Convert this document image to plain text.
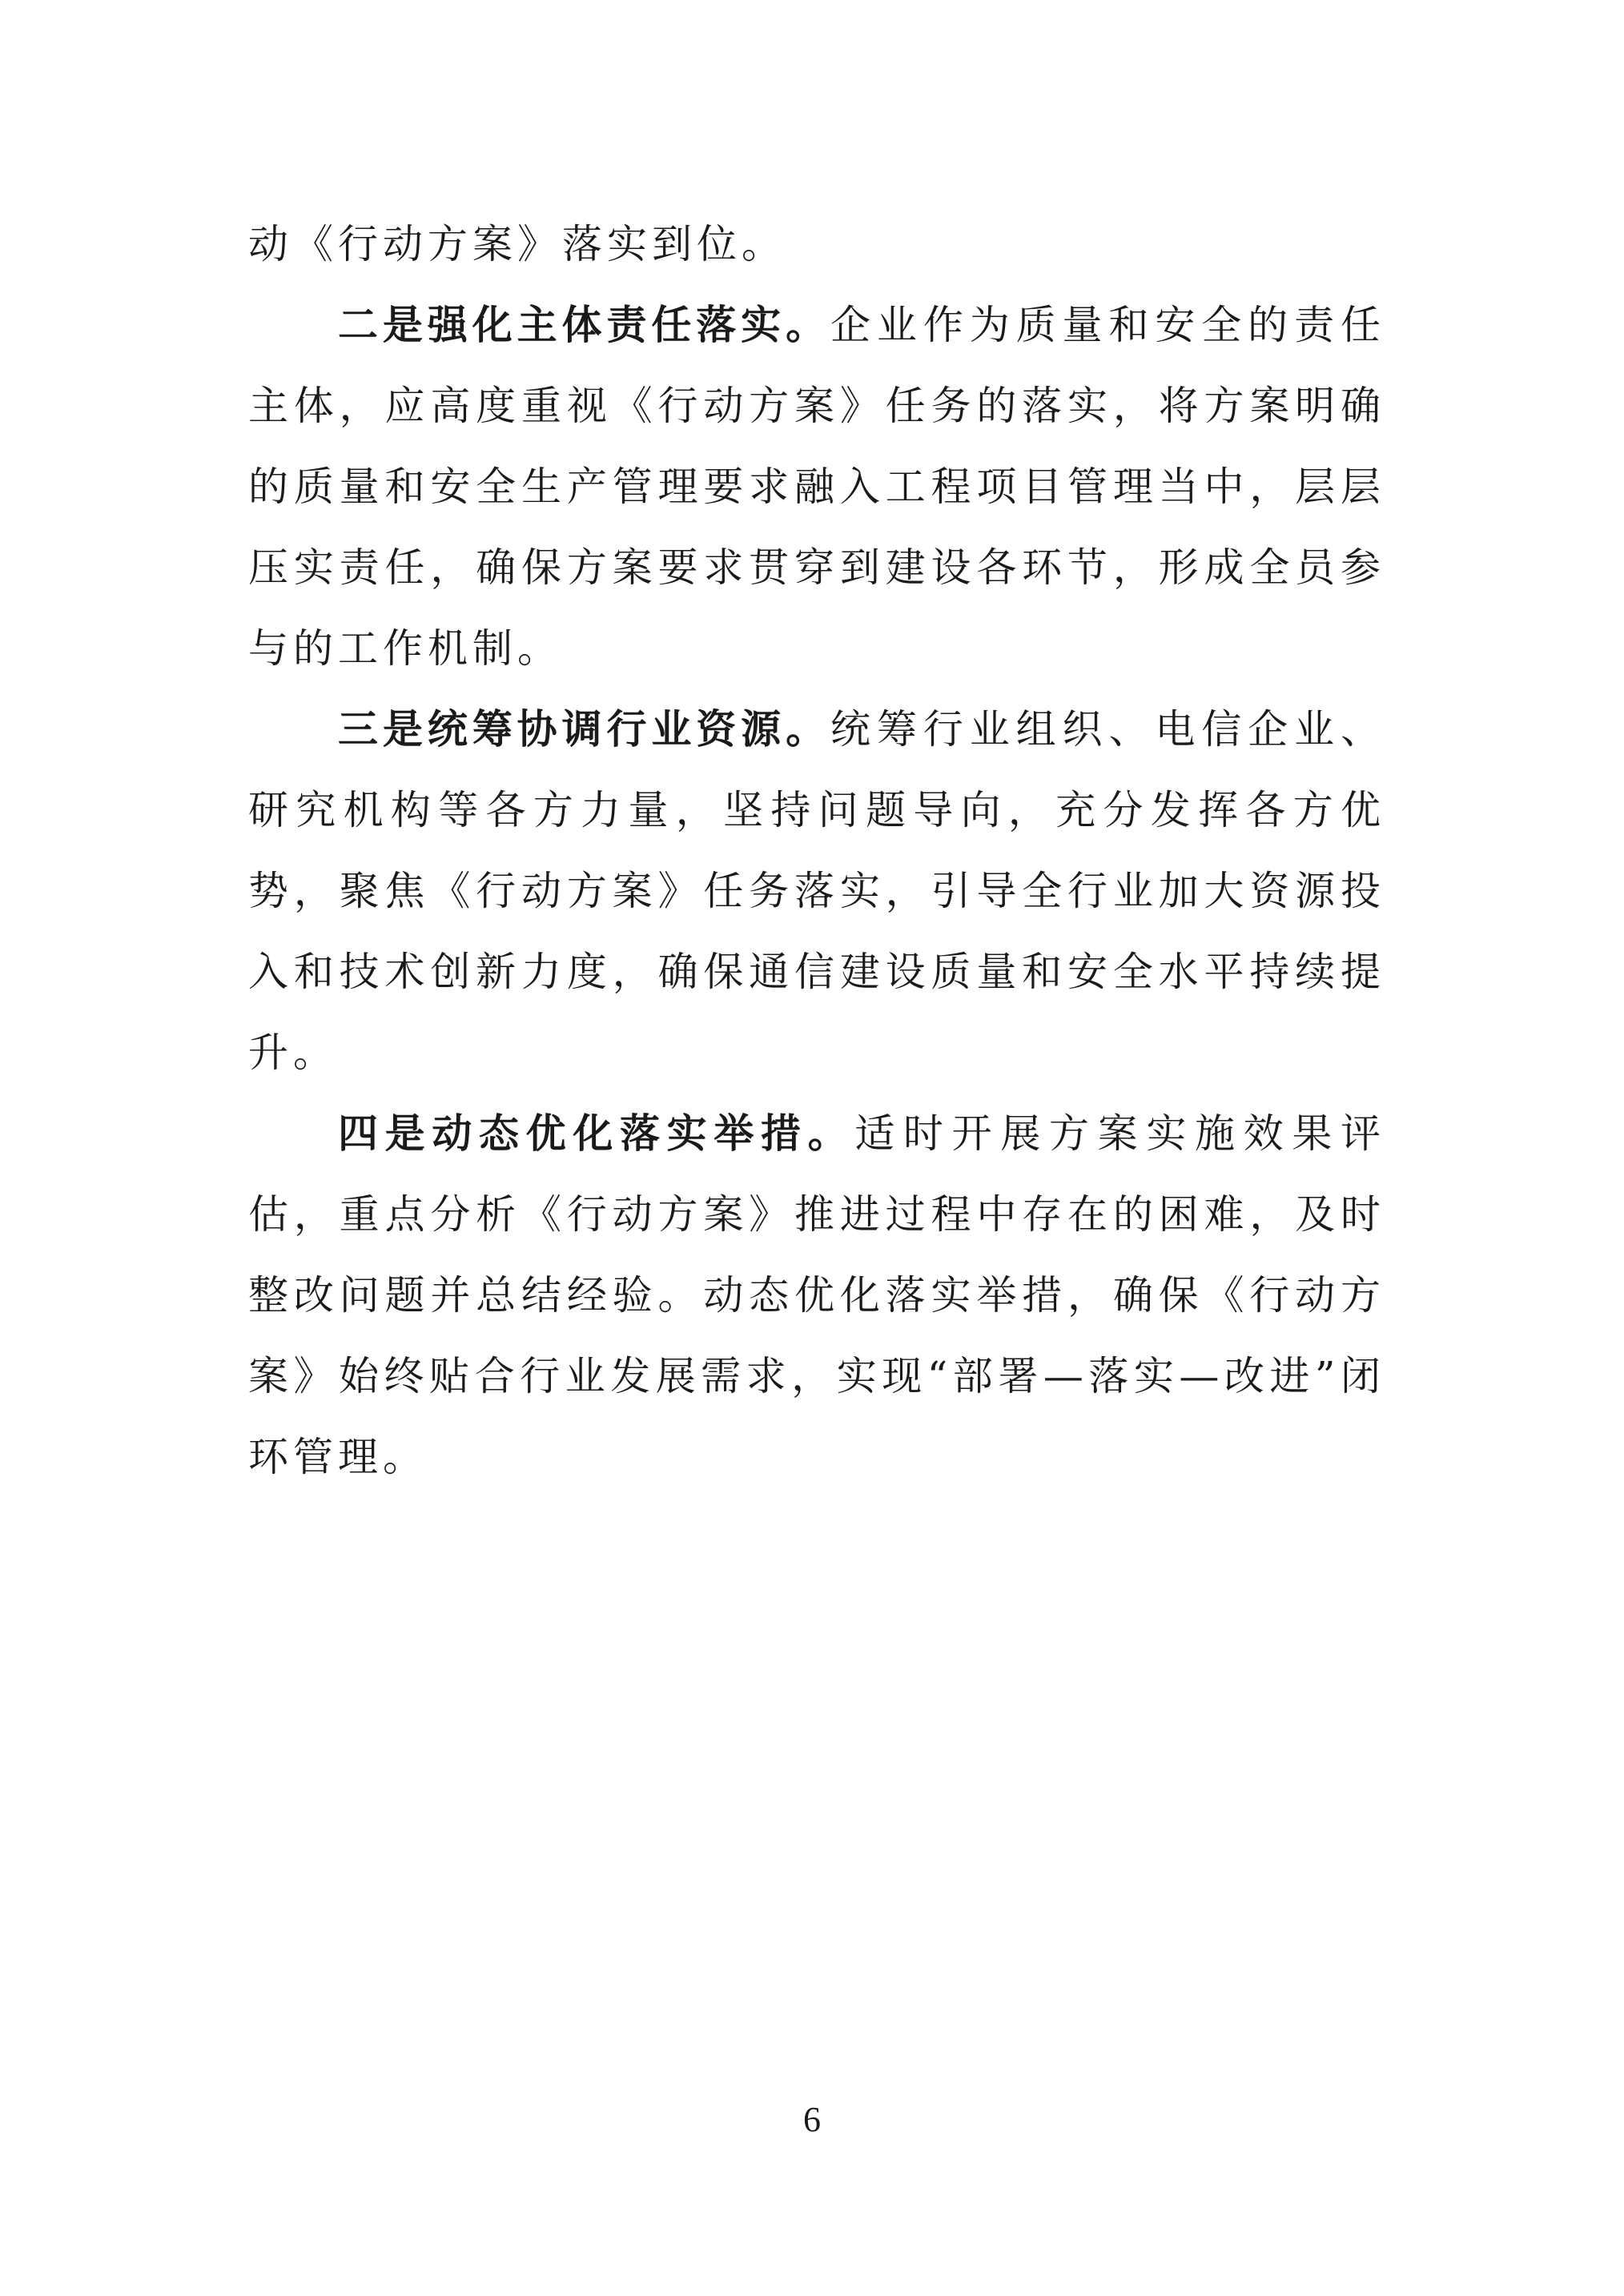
动《行动方案》落实到位。

二是强化主体责任落实。企业作为质量和安全的责任主体，应高度重视《行动方案》任务的落实，将方案明确的质量和安全生产管理要求融入工程项目管理当中，层层压实责任，确保方案要求贯穿到建设各环节，形成全员参与的工作机制。

三是统筹协调行业资源。统筹行业组织、电信企业、研究机构等各方力量，坚持问题导向，充分发挥各方优势，聚焦《行动方案》任务落实，引导全行业加大资源投入和技术创新力度，确保通信建设质量和安全水平持续提升。

四是动态优化落实举措。适时开展方案实施效果评估，重点分析《行动方案》推进过程中存在的困难，及时整改问题并总结经验。动态优化落实举措，确保《行动方案》始终贴合行业发展需求，实现“部署—落实—改进”闭环管理。

6
